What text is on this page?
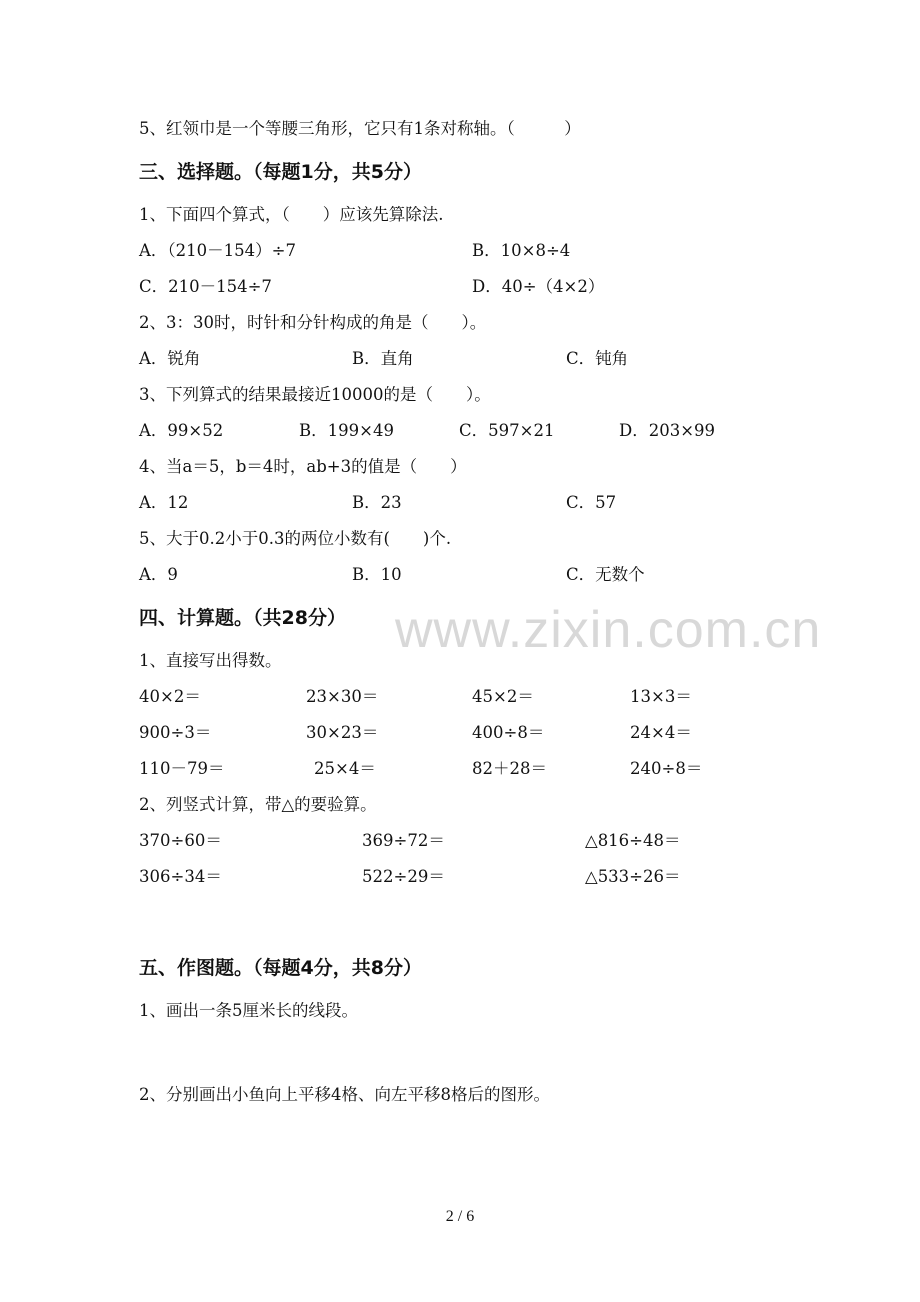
www.zixin.com.cn
5、红领巾是一个等腰三角形，它只有1条对称轴。（　　　）
三、选择题。（每题1分，共5分）
1、下面四个算式，（　　）应该先算除法.
A．（210－154）÷7	B．10×8÷4
C．210－154÷7	D．40÷（4×2）
2、3：30时，时针和分针构成的角是（　　）。
A．锐角	B．直角	C．钝角
3、下列算式的结果最接近10000的是（　　）。
A．99×52	B．199×49	C．597×21	D．203×99
4、当a＝5，b＝4时，ab+3的值是（　　）
A．12	B．23	C．57
5、大于0.2小于0.3的两位小数有(　　)个.
A．9	B．10	C．无数个
四、计算题。（共28分）
1、直接写出得数。
40×2＝	23×30＝	45×2＝	13×3＝
900÷3＝	30×23＝	400÷8＝	24×4＝
110－79＝	25×4＝	82＋28＝	240÷8＝
2、列竖式计算，带△的要验算。
370÷60＝	369÷72＝	△816÷48＝
306÷34＝	522÷29＝	△533÷26＝
五、作图题。（每题4分，共8分）
1、画出一条5厘米长的线段。
2、分别画出小鱼向上平移4格、向左平移8格后的图形。
2 / 6
